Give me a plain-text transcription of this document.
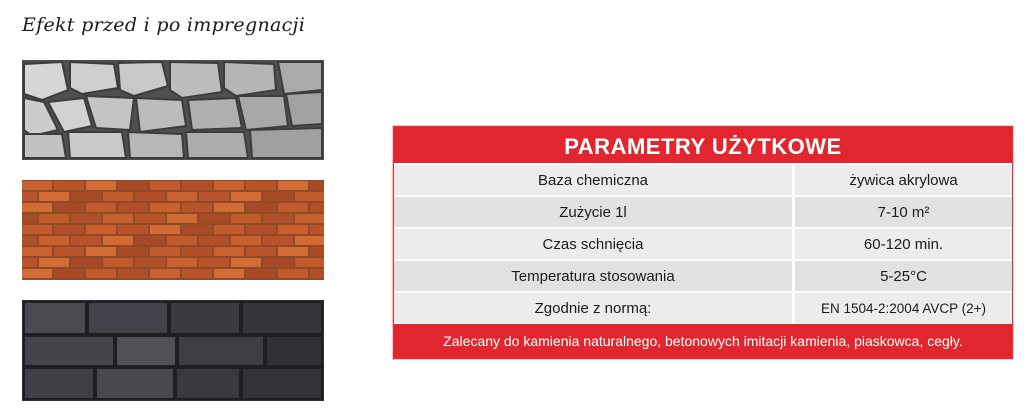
Efekt przed i po impregnacji
PARAMETRY UŻYTKOWE
Baza chemiczna	żywica akrylowa
Zużycie 1l	7-10 m²
Czas schnięcia	60-120 min.
Temperatura stosowania	5-25°C
Zgodnie z normą:	EN 1504-2:2004 AVCP (2+)
Zalecany do kamienia naturalnego, betonowych imitacji kamienia, piaskowca, cegły.
